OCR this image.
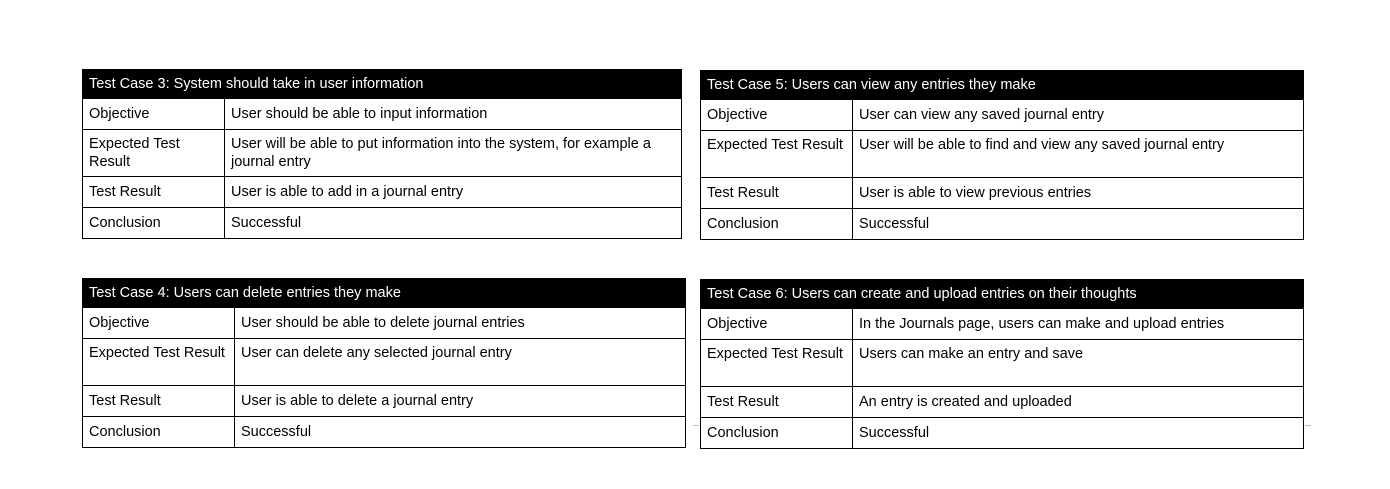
Test Case 3: System should take in user information	
Objective	User should be able to input information
Expected Test Result	User will be able to put information into the system, for example a journal entry
Test Result	User is able to add in a journal entry
Conclusion	Successful
Test Case 5: Users can view any entries they make	
Objective	User can view any saved journal entry
Expected Test Result	User will be able to find and view any saved journal entry
Test Result	User is able to view previous entries
Conclusion	Successful
Test Case 4: Users can delete entries they make	
Objective	User should be able to delete journal entries
Expected Test Result	User can delete any selected journal entry
Test Result	User is able to delete a journal entry
Conclusion	Successful
Test Case 6: Users can create and upload entries on their thoughts	
Objective	In the Journals page, users can make and upload entries
Expected Test Result	Users can make an entry and save
Test Result	An entry is created and uploaded
Conclusion	Successful
